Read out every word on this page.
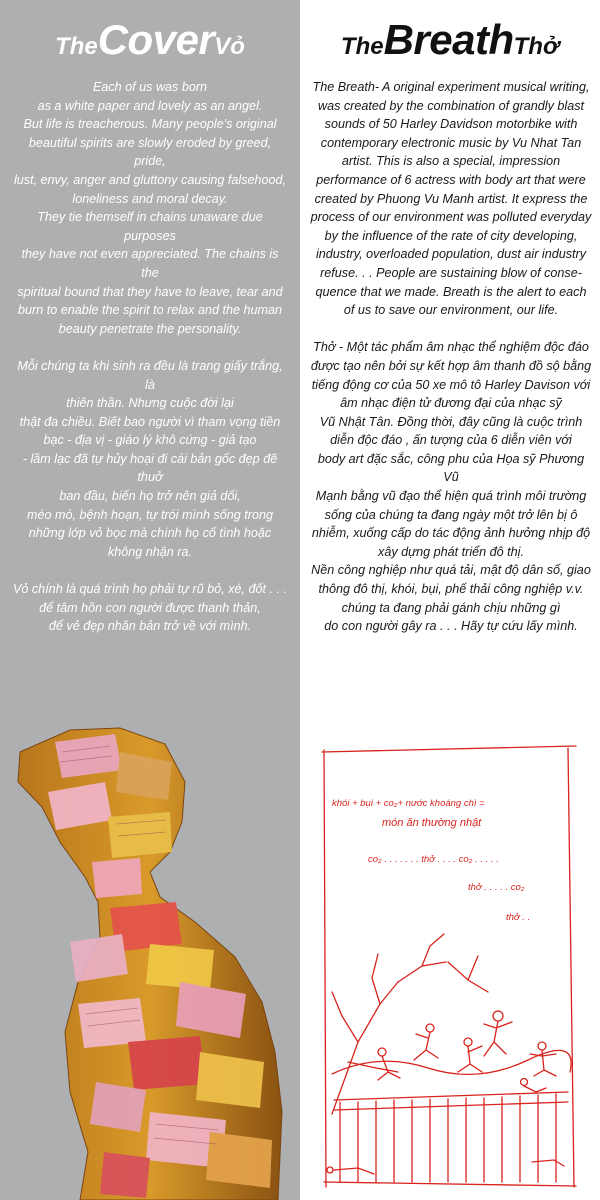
TheCoverVỏ

Each of us was born
as a white paper and lovely as an angel.
But life is treacherous. Many people's original
beautiful spirits are slowly eroded by greed, pride,
lust, envy, anger and gluttony causing falsehood,
loneliness and moral decay.
They tie themself in chains unaware due purposes
they have not even appreciated. The chains is the
spiritual bound that they have to leave, tear and
burn to enable the spirit to relax and the human
beauty penetrate the personality.

Mỗi chúng ta khi sinh ra đều là trang giấy trắng, là
thiên thần. Nhưng cuộc đời lại
thật đa chiều. Biết bao người vì tham vọng tiền
bạc - địa vị - giáo lý khô cứng - giả tạo
- lầm lạc đã tự hủy hoại đi cái bản gốc đẹp đẽ thuở
ban đầu, biến họ trở nên giả dối,
méo mó, bệnh hoạn, tự trói mình sống trong
những lớp vỏ bọc mà chính họ cố tình hoặc
không nhận ra.

Vỏ chính là quá trình họ phải tự rũ bỏ, xé, đốt . . .
để tâm hồn con người được thanh thản,
để vẻ đẹp nhân bản trở về với mình.

TheBreathThở

The Breath- A original experiment musical writing,
was created by the combination of grandly blast
sounds of 50 Harley Davidson motorbike with
contemporary electronic music by Vu Nhat Tan
artist. This is also a special, impression
performance of 6 actress with body art that were
created by Phuong Vu Manh artist. It express the
process of our environment was polluted everyday
by the influence of the rate of city developing,
industry, overloaded population, dust air industry
refuse. . . People are sustaining blow of conse-
quence that we made. Breath is the alert to each
of us to save our environment, our life.

Thở - Một tác phẩm âm nhạc thể nghiệm độc đáo
được tạo nên bởi sự kết hợp âm thanh đồ sộ bằng
tiếng động cơ của 50 xe mô tô Harley Davison với
âm nhạc điện tử đương đại của nhạc sỹ
Vũ Nhật Tân. Đồng thời, đây cũng là cuộc trình
diễn độc đáo , ấn tượng của 6 diễn viên với
body art đặc sắc, công phu của Họa sỹ Phương Vũ
Mạnh bằng vũ đạo thể hiện quá trình môi trường
sống của chúng ta đang ngày một trở lên bị ô
nhiễm, xuống cấp do tác động ảnh hưởng nhịp độ
xây dựng phát triển đô thị.
Nền công nghiệp như quá tải, mật độ dân số, giao
thông đô thị, khói, bụi, phế thải công nghiệp v.v.
chúng ta đang phải gánh chịu những gì
do con người gây ra . . . Hãy tự cứu lấy mình.

khói + bụi + co₂+ nước khoáng chì =
món ăn thường nhật
co₂ . . . . . . . thở . . . . co₂ . . . . .
thở . . . . . co₂
thở . .
